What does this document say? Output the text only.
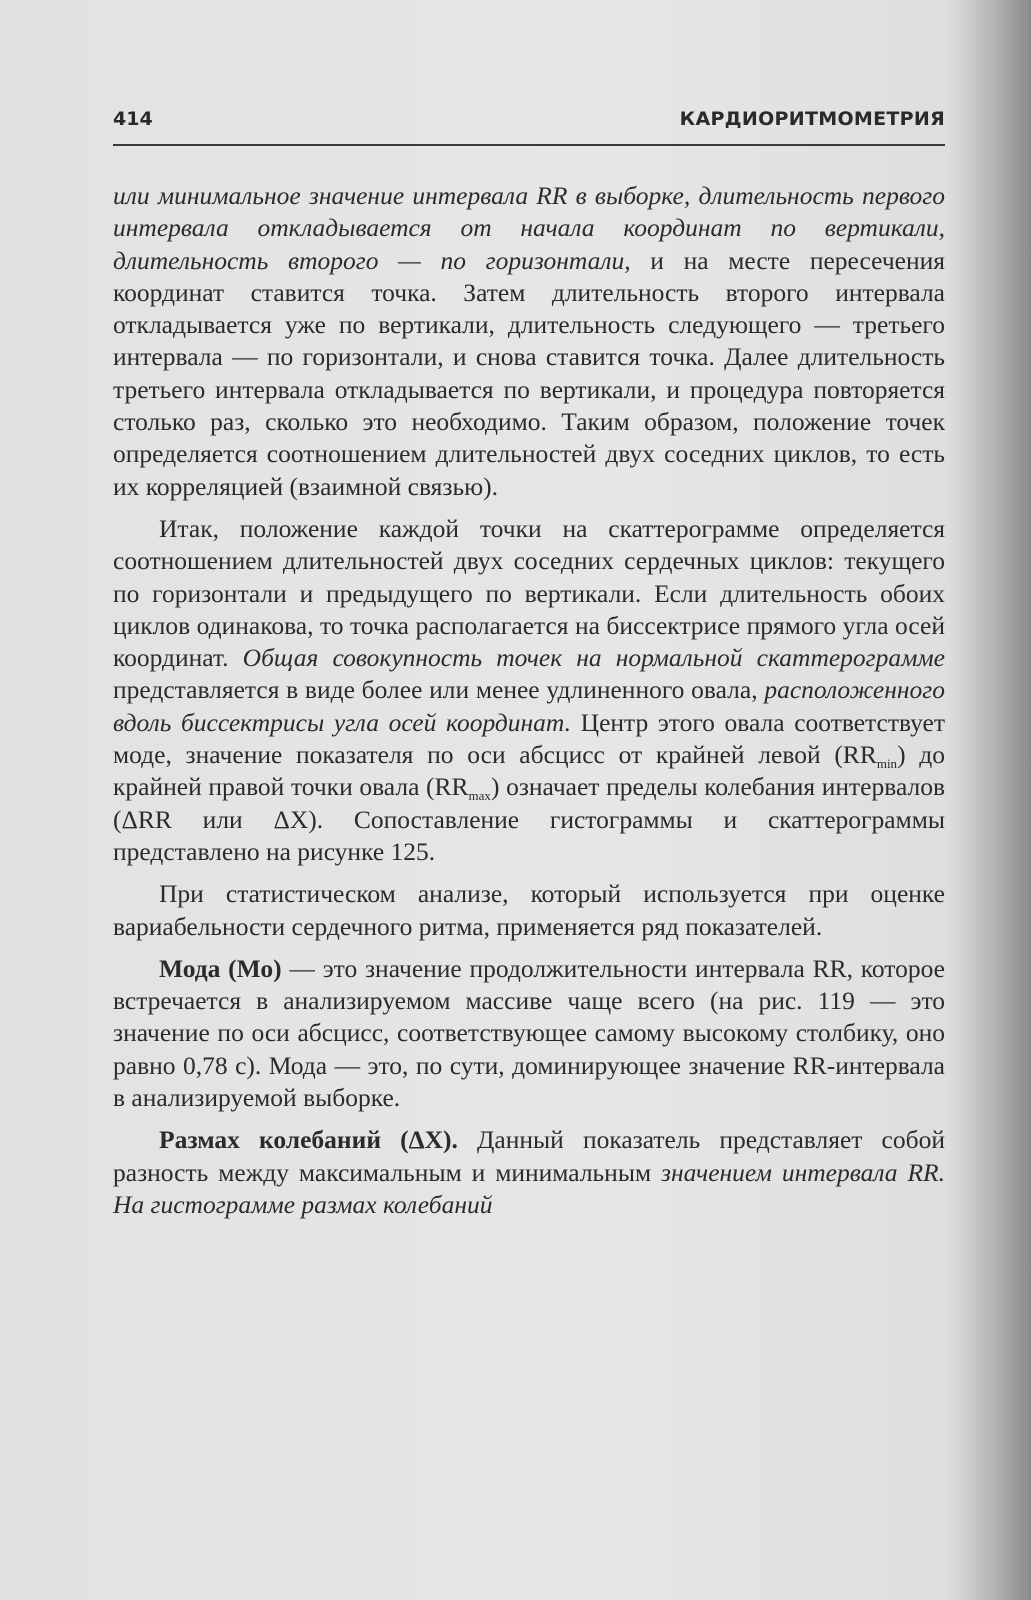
414	КАРДИОРИТМОМЕТРИЯ

или минимальное значение интервала RR в выборке, длительность первого интервала откладывается от начала координат по вертикали, длительность второго — по горизонтали, и на месте пересечения координат ставится точка. Затем длительность второго интервала откладывается уже по вертикали, длительность следующего — третьего интервала — по горизонтали, и снова ставится точка. Далее длительность третьего интервала откладывается по вертикали, и процедура повторяется столько раз, сколько это необходимо. Таким образом, положение точек определяется соотношением длительностей двух соседних циклов, то есть их корреляцией (взаимной связью).

Итак, положение каждой точки на скаттерограмме определяется соотношением длительностей двух соседних сердечных циклов: текущего по горизонтали и предыдущего по вертикали. Если длительность обоих циклов одинакова, то точка располагается на биссектрисе прямого угла осей координат. Общая совокупность точек на нормальной скаттерограмме представляется в виде более или менее удлиненного овала, расположенного вдоль биссектрисы угла осей координат. Центр этого овала соответствует моде, значение показателя по оси абсцисс от крайней левой $(RR_{min})$ до крайней правой точки овала $(RR_{max})$ означает пределы колебания интервалов (ΔRR или ΔX). Сопоставление гистограммы и скаттерограммы представлено на рисунке 125.

При статистическом анализе, который используется при оценке вариабельности сердечного ритма, применяется ряд показателей.

Мода (Мо) — это значение продолжительности интервала RR, которое встречается в анализируемом массиве чаще всего (на рис. 119 — это значение по оси абсцисс, соответствующее самому высокому столбику, оно равно 0,78 с). Мода — это, по сути, доминирующее значение RR-интервала в анализируемой выборке.

Размах колебаний (ΔX). Данный показатель представляет собой разность между максимальным и минимальным значением интервала RR. На гистограмме размах колебаний
